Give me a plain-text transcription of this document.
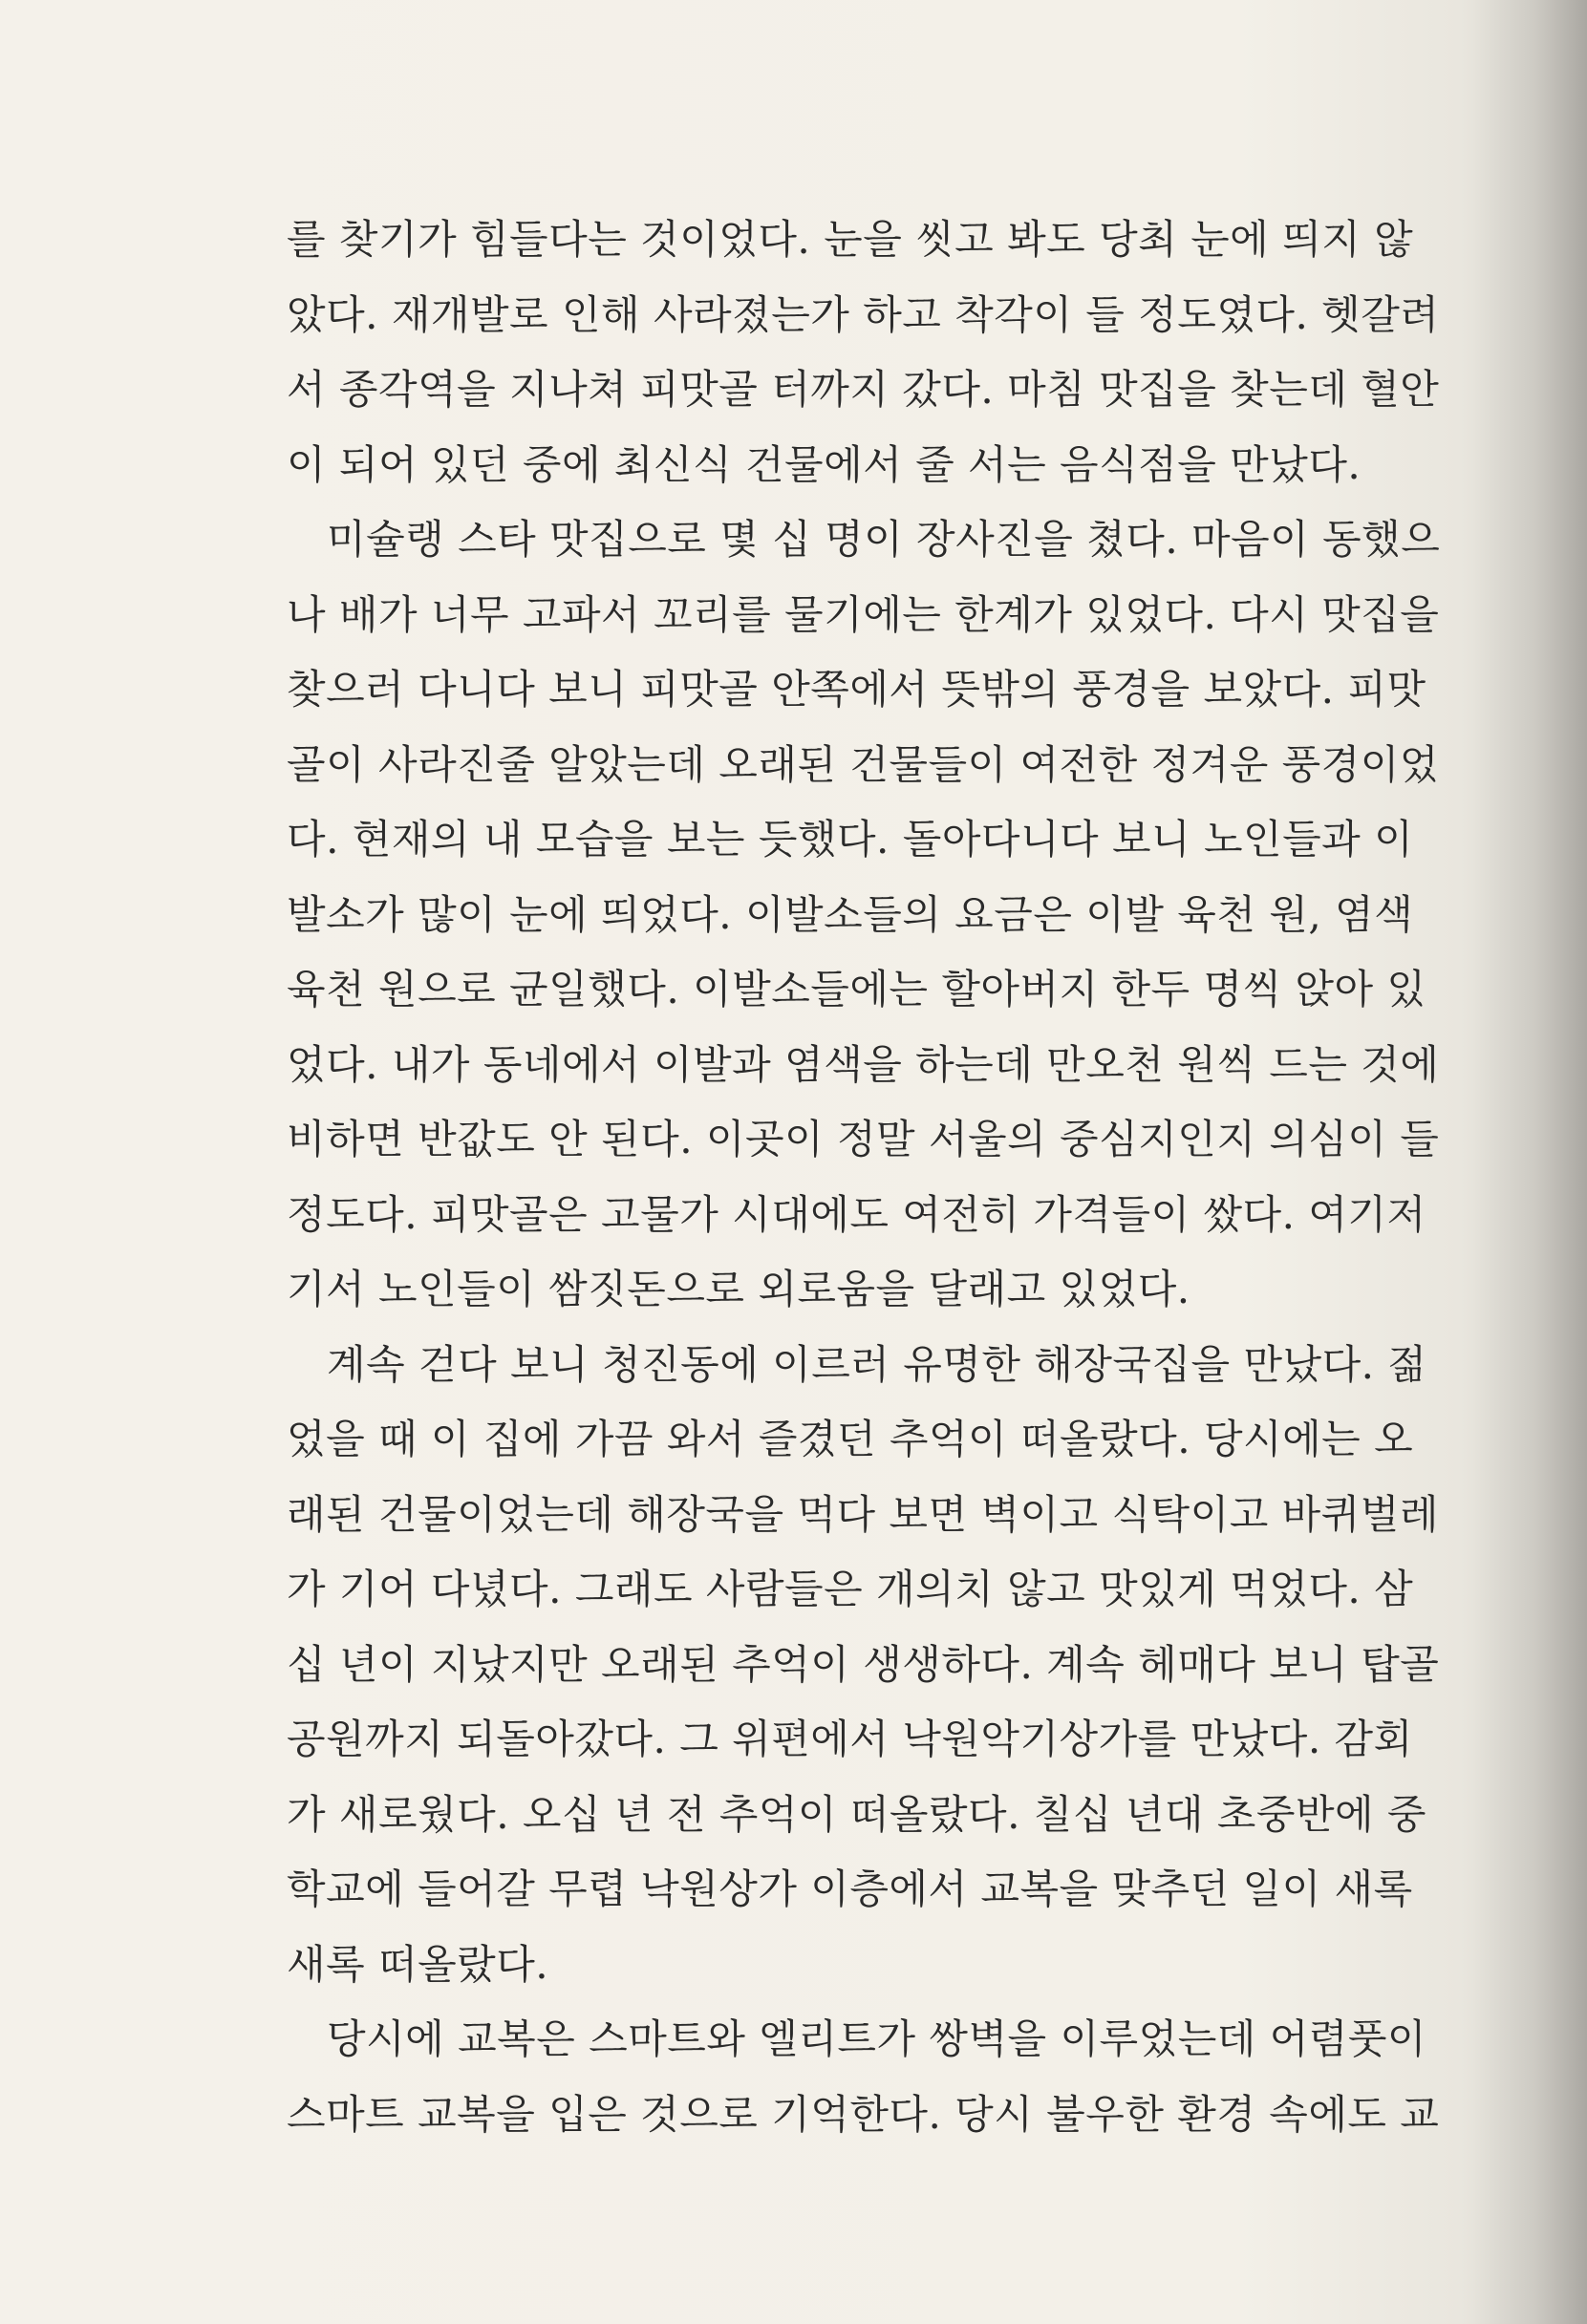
를 찾기가 힘들다는 것이었다. 눈을 씻고 봐도 당최 눈에 띄지 않
았다. 재개발로 인해 사라졌는가 하고 착각이 들 정도였다. 헷갈려
서 종각역을 지나쳐 피맛골 터까지 갔다. 마침 맛집을 찾는데 혈안
이 되어 있던 중에 최신식 건물에서 줄 서는 음식점을 만났다.
미슐랭 스타 맛집으로 몇 십 명이 장사진을 쳤다. 마음이 동했으
나 배가 너무 고파서 꼬리를 물기에는 한계가 있었다. 다시 맛집을
찾으러 다니다 보니 피맛골 안쪽에서 뜻밖의 풍경을 보았다. 피맛
골이 사라진줄 알았는데 오래된 건물들이 여전한 정겨운 풍경이었
다. 현재의 내 모습을 보는 듯했다. 돌아다니다 보니 노인들과 이
발소가 많이 눈에 띄었다. 이발소들의 요금은 이발 육천 원, 염색
육천 원으로 균일했다. 이발소들에는 할아버지 한두 명씩 앉아 있
었다. 내가 동네에서 이발과 염색을 하는데 만오천 원씩 드는 것에
비하면 반값도 안 된다. 이곳이 정말 서울의 중심지인지 의심이 들
정도다. 피맛골은 고물가 시대에도 여전히 가격들이 쌌다. 여기저
기서 노인들이 쌈짓돈으로 외로움을 달래고 있었다.
계속 걷다 보니 청진동에 이르러 유명한 해장국집을 만났다. 젊
었을 때 이 집에 가끔 와서 즐겼던 추억이 떠올랐다. 당시에는 오
래된 건물이었는데 해장국을 먹다 보면 벽이고 식탁이고 바퀴벌레
가 기어 다녔다. 그래도 사람들은 개의치 않고 맛있게 먹었다. 삼
십 년이 지났지만 오래된 추억이 생생하다. 계속 헤매다 보니 탑골
공원까지 되돌아갔다. 그 위편에서 낙원악기상가를 만났다. 감회
가 새로웠다. 오십 년 전 추억이 떠올랐다. 칠십 년대 초중반에 중
학교에 들어갈 무렵 낙원상가 이층에서 교복을 맞추던 일이 새록
새록 떠올랐다.
당시에 교복은 스마트와 엘리트가 쌍벽을 이루었는데 어렴풋이
스마트 교복을 입은 것으로 기억한다. 당시 불우한 환경 속에도 교
